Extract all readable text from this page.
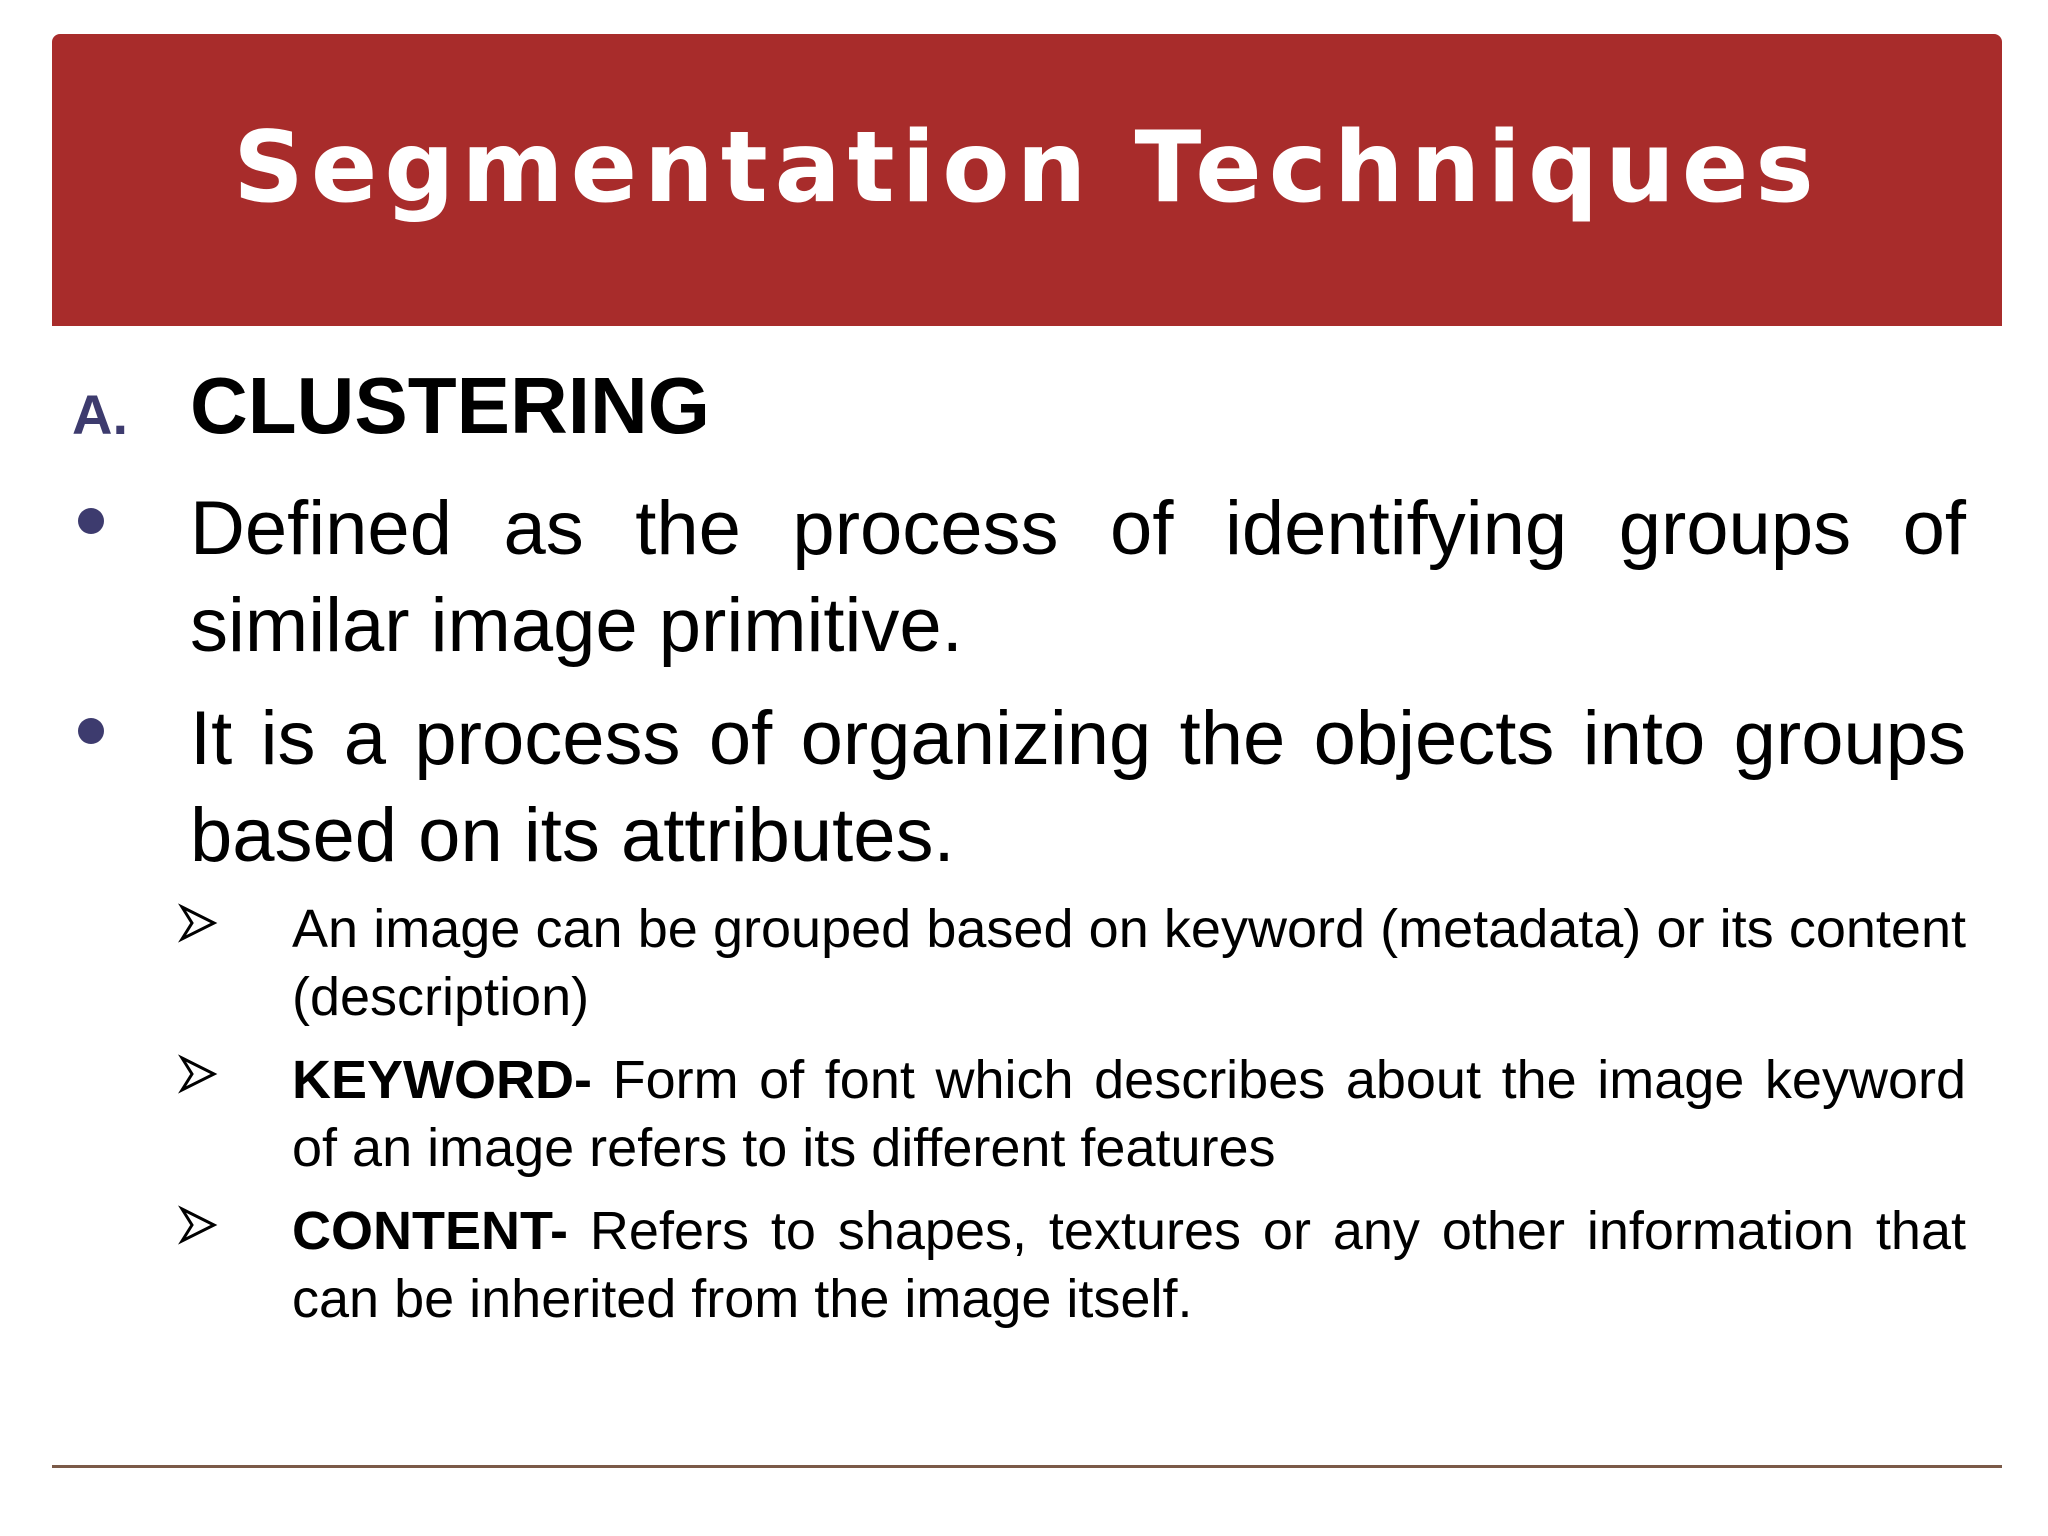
Segmentation Techniques
A. CLUSTERING
Defined as the process of identifying groups of similar image primitive.
It is a process of organizing the objects into groups based on its attributes.
An image can be grouped based on keyword (metadata) or its content (description)
KEYWORD- Form of font which describes about the image keyword of an image refers to its different features
CONTENT- Refers to shapes, textures or any other information that can be inherited from the image itself.
